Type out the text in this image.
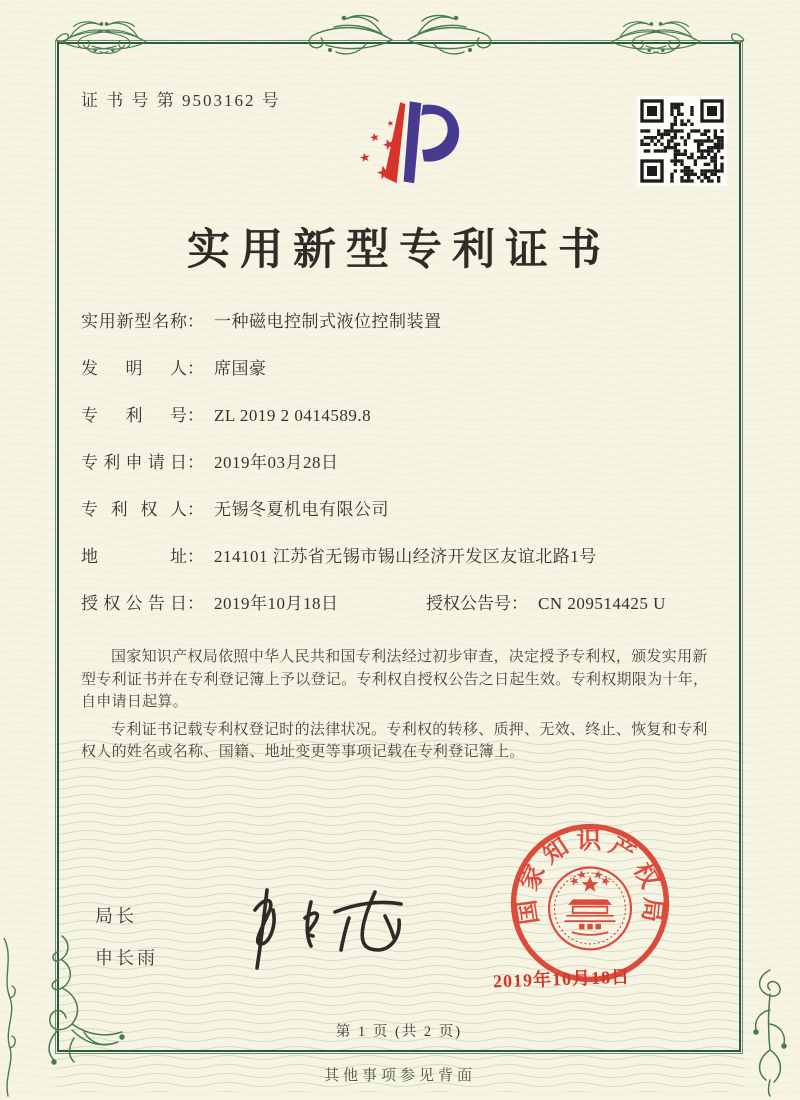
证 书 号 第 9503162 号
实用新型专利证书
实用新型名称 ： 一种磁电控制式液位控制装置
发明人 ： 席国豪
专利号 ： ZL 2019 2 0414589.8
专利申请日 ： 2019年03月28日
专利权人 ： 无锡冬夏机电有限公司
地址 ： 214101 江苏省无锡市锡山经济开发区友谊北路1号
授权公告日 ： 2019年10月18日	授权公告号 ： CN 209514425 U

国家知识产权局依照中华人民共和国专利法经过初步审查，决定授予专利权，颁发实用新型专利证书并在专利登记簿上予以登记。专利权自授权公告之日起生效。专利权期限为十年，自申请日起算。

专利证书记载专利权登记时的法律状况。专利权的转移、质押、无效、终止、恢复和专利权人的姓名或名称、国籍、地址变更等事项记载在专利登记簿上。

局长
申长雨
国家知识产权局
2019年10月18日
第 1 页 (共 2 页)
其他事项参见背面
